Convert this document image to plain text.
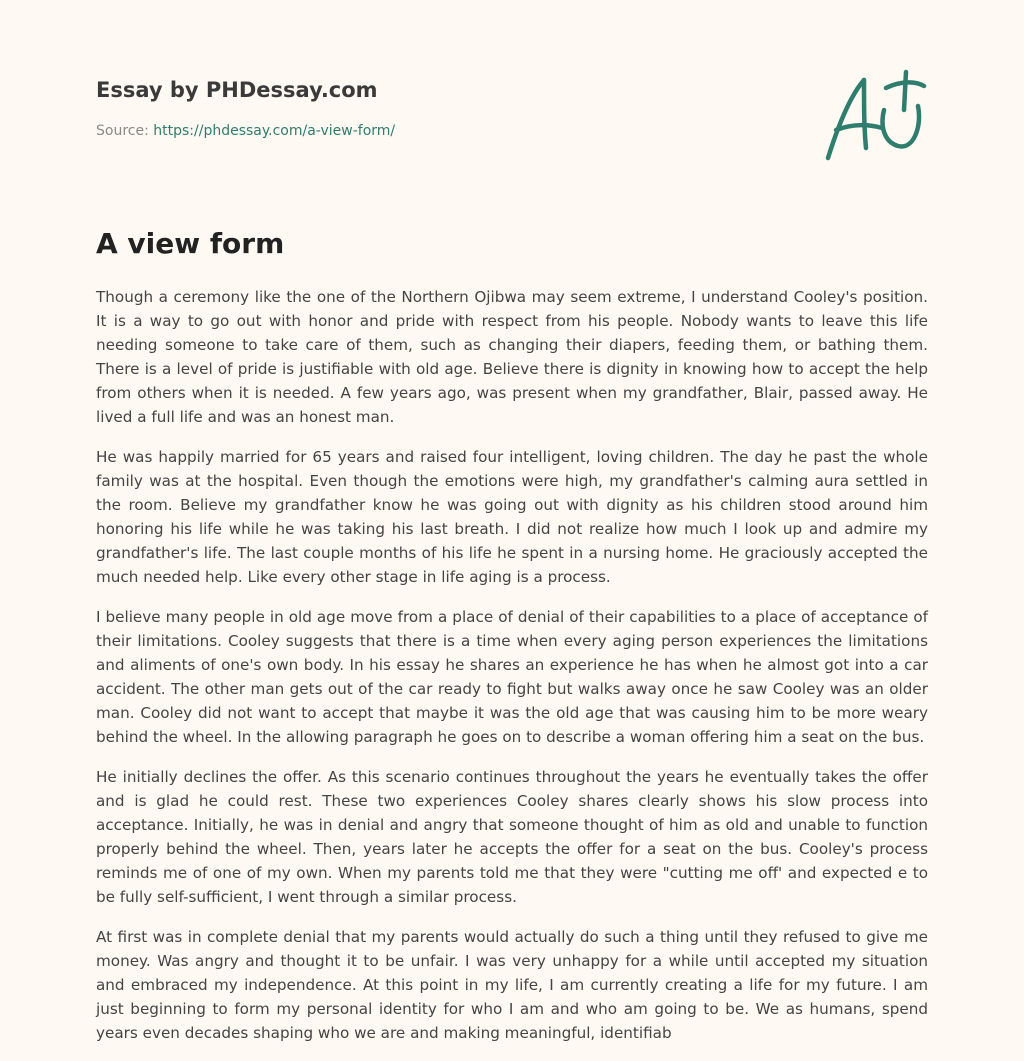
Essay by PHDessay.com
Source: https://phdessay.com/a-view-form/
A view form

Though a ceremony like the one of the Northern Ojibwa may seem extreme, I understand Cooley's position. It is a way to go out with honor and pride with respect from his people. Nobody wants to leave this life needing someone to take care of them, such as changing their diapers, feeding them, or bathing them. There is a level of pride is justifiable with old age. Believe there is dignity in knowing how to accept the help from others when it is needed. A few years ago, was present when my grandfather, Blair, passed away. He lived a full life and was an honest man.

He was happily married for 65 years and raised four intelligent, loving children. The day he past the whole family was at the hospital. Even though the emotions were high, my grandfather's calming aura settled in the room. Believe my grandfather know he was going out with dignity as his children stood around him honoring his life while he was taking his last breath. I did not realize how much I look up and admire my grandfather's life. The last couple months of his life he spent in a nursing home. He graciously accepted the much needed help. Like every other stage in life aging is a process.

I believe many people in old age move from a place of denial of their capabilities to a place of acceptance of their limitations. Cooley suggests that there is a time when every aging person experiences the limitations and aliments of one's own body. In his essay he shares an experience he has when he almost got into a car accident. The other man gets out of the car ready to fight but walks away once he saw Cooley was an older man. Cooley did not want to accept that maybe it was the old age that was causing him to be more weary behind the wheel. In the allowing paragraph he goes on to describe a woman offering him a seat on the bus.

He initially declines the offer. As this scenario continues throughout the years he eventually takes the offer and is glad he could rest. These two experiences Cooley shares clearly shows his slow process into acceptance. Initially, he was in denial and angry that someone thought of him as old and unable to function properly behind the wheel. Then, years later he accepts the offer for a seat on the bus. Cooley's process reminds me of one of my own. When my parents told me that they were "cutting me off' and expected e to be fully self-sufficient, I went through a similar process.

At first was in complete denial that my parents would actually do such a thing until they refused to give me money. Was angry and thought it to be unfair. I was very unhappy for a while until accepted my situation and embraced my independence. At this point in my life, I am currently creating a life for my future. I am just beginning to form my personal identity for who I am and who am going to be. We as humans, spend years even decades shaping who we are and making meaningful, identifiab
